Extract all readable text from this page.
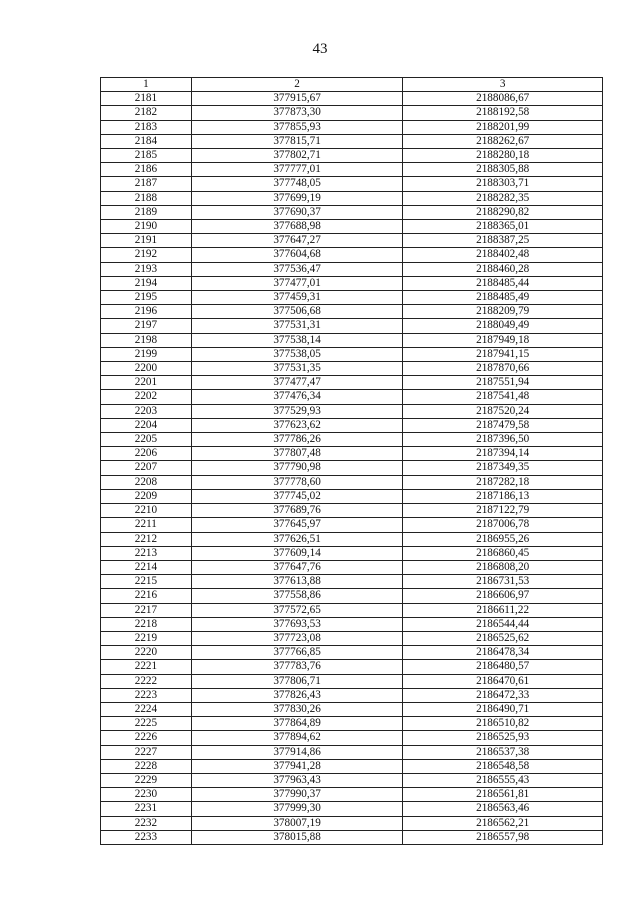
43
1	2	3
2181	377915,67	2188086,67
2182	377873,30	2188192,58
2183	377855,93	2188201,99
2184	377815,71	2188262,67
2185	377802,71	2188280,18
2186	377777,01	2188305,88
2187	377748,05	2188303,71
2188	377699,19	2188282,35
2189	377690,37	2188290,82
2190	377688,98	2188365,01
2191	377647,27	2188387,25
2192	377604,68	2188402,48
2193	377536,47	2188460,28
2194	377477,01	2188485,44
2195	377459,31	2188485,49
2196	377506,68	2188209,79
2197	377531,31	2188049,49
2198	377538,14	2187949,18
2199	377538,05	2187941,15
2200	377531,35	2187870,66
2201	377477,47	2187551,94
2202	377476,34	2187541,48
2203	377529,93	2187520,24
2204	377623,62	2187479,58
2205	377786,26	2187396,50
2206	377807,48	2187394,14
2207	377790,98	2187349,35
2208	377778,60	2187282,18
2209	377745,02	2187186,13
2210	377689,76	2187122,79
2211	377645,97	2187006,78
2212	377626,51	2186955,26
2213	377609,14	2186860,45
2214	377647,76	2186808,20
2215	377613,88	2186731,53
2216	377558,86	2186606,97
2217	377572,65	2186611,22
2218	377693,53	2186544,44
2219	377723,08	2186525,62
2220	377766,85	2186478,34
2221	377783,76	2186480,57
2222	377806,71	2186470,61
2223	377826,43	2186472,33
2224	377830,26	2186490,71
2225	377864,89	2186510,82
2226	377894,62	2186525,93
2227	377914,86	2186537,38
2228	377941,28	2186548,58
2229	377963,43	2186555,43
2230	377990,37	2186561,81
2231	377999,30	2186563,46
2232	378007,19	2186562,21
2233	378015,88	2186557,98
